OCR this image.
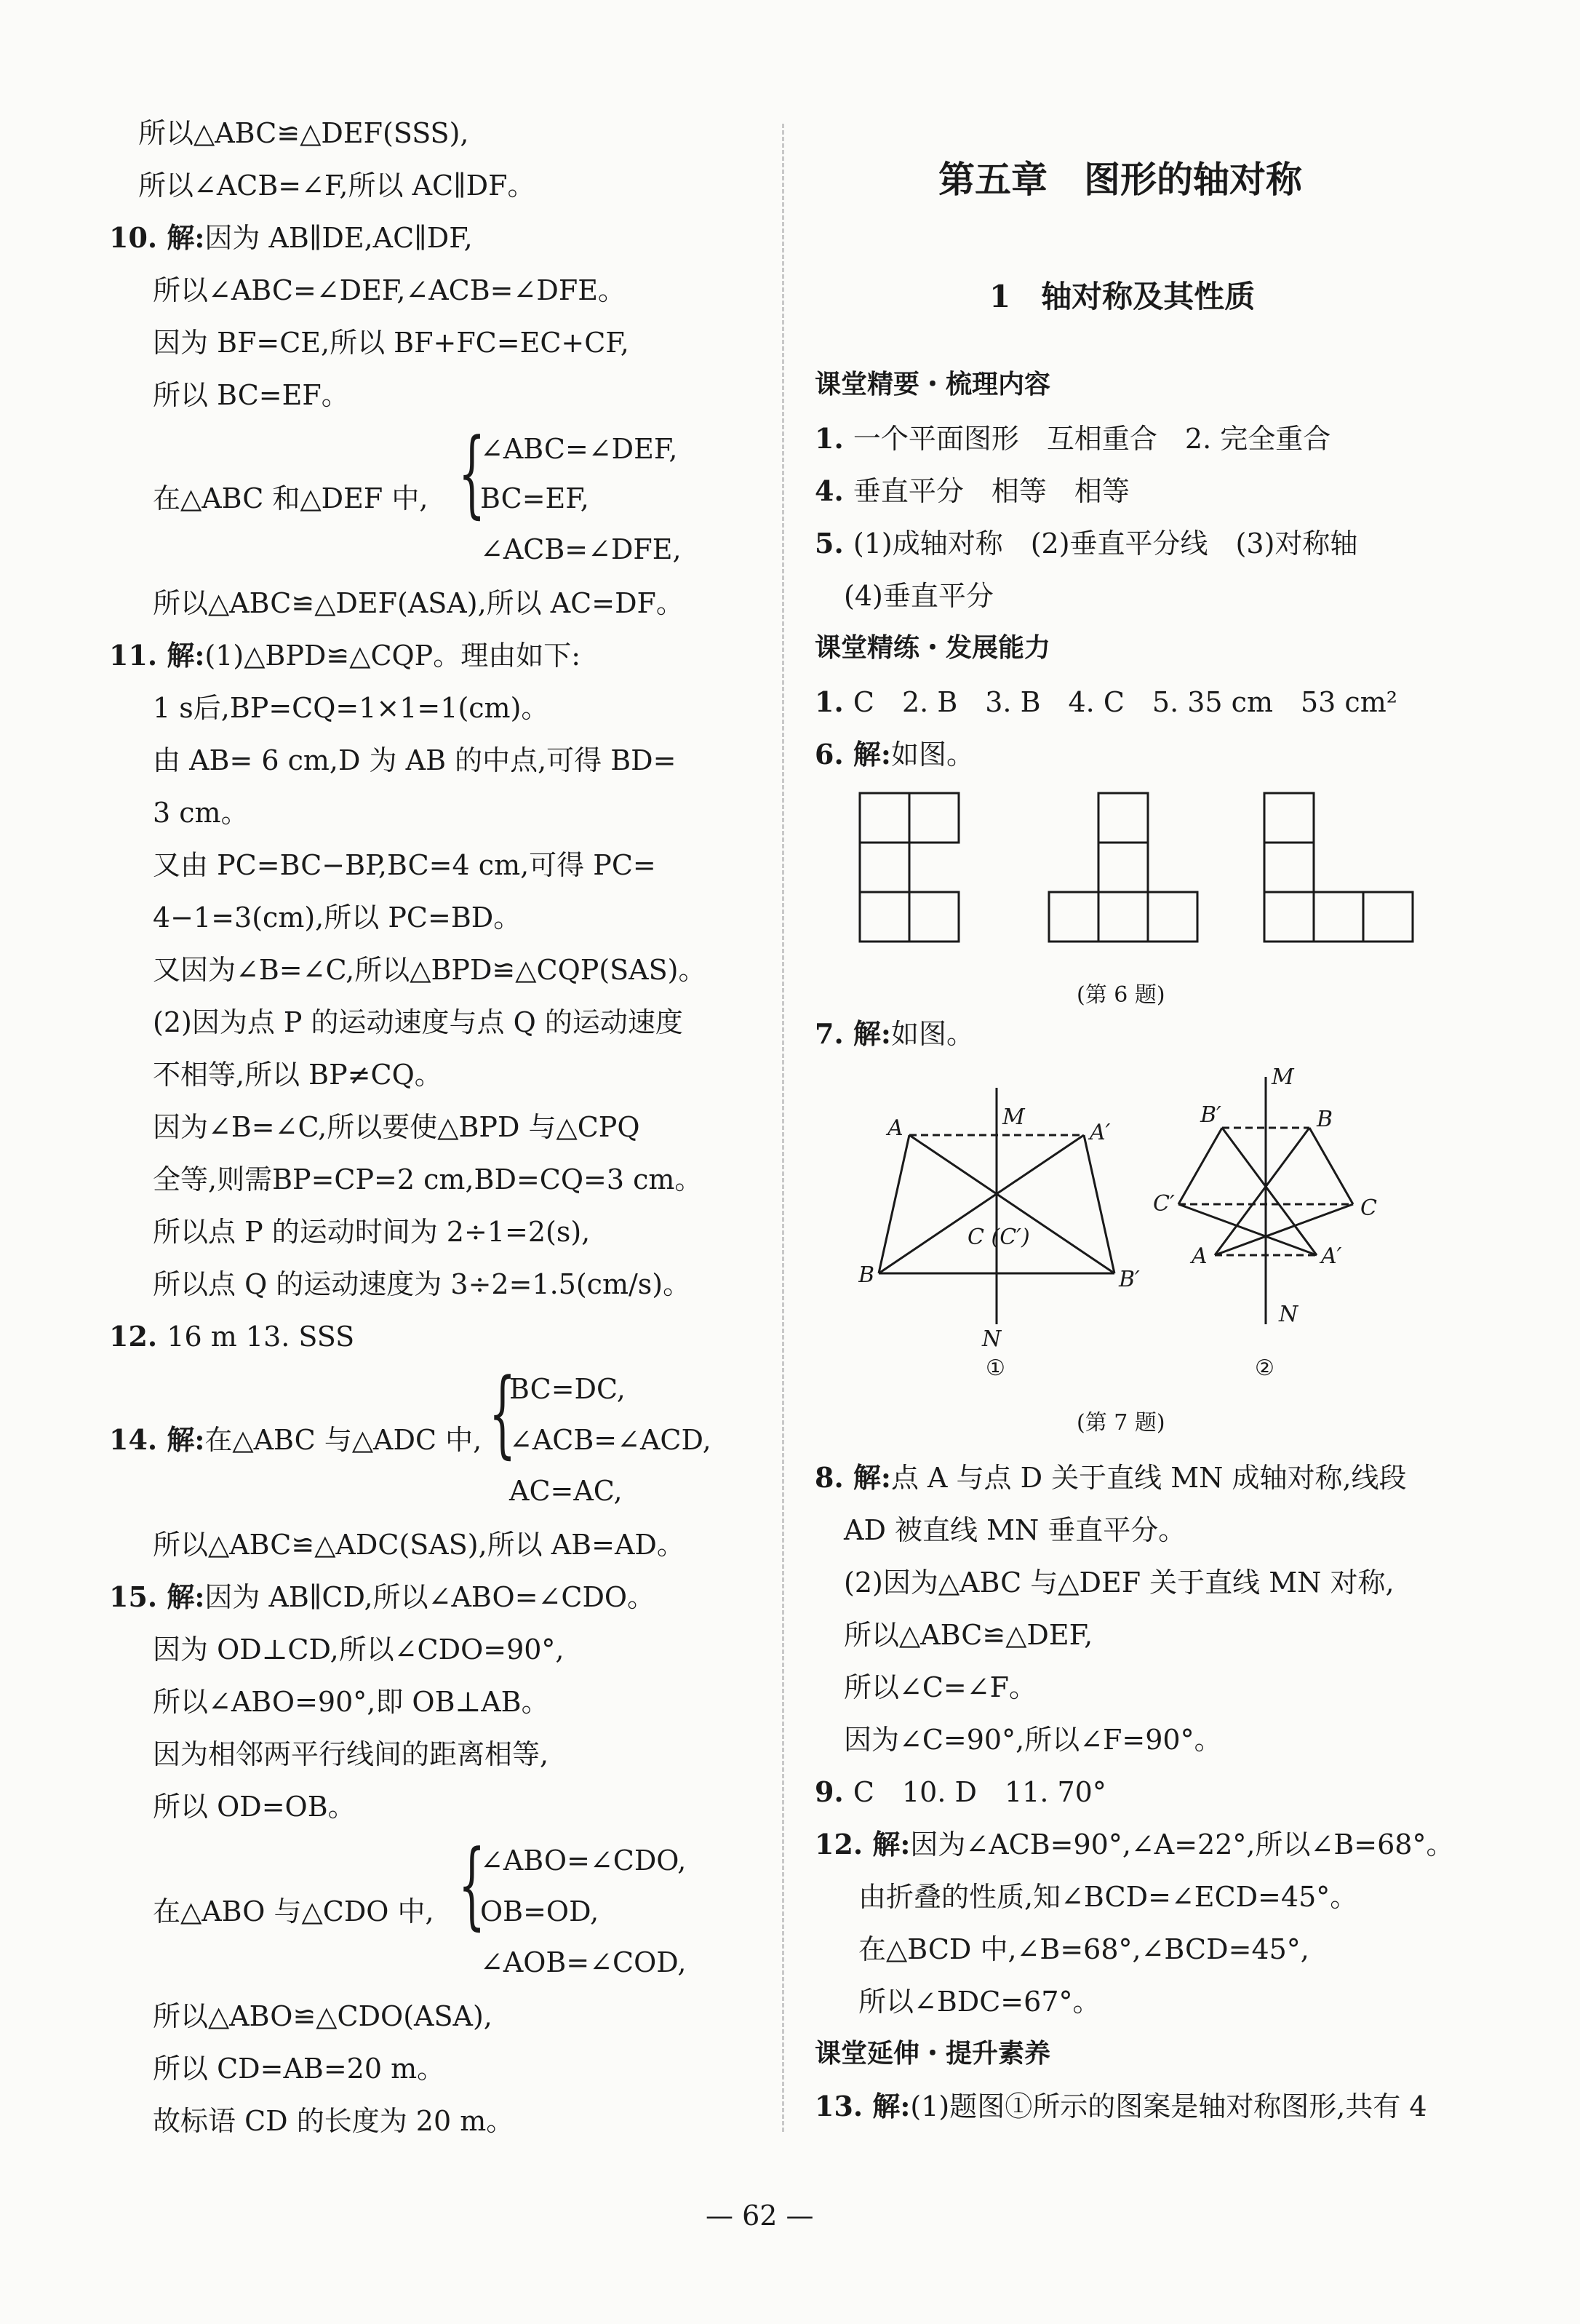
所以△ABC≌△DEF(SSS),
所以∠ACB=∠F,所以 AC∥DF。
10. 解:因为 AB∥DE,AC∥DF,
所以∠ABC=∠DEF,∠ACB=∠DFE。
因为 BF=CE,所以 BF+FC=EC+CF,
所以 BC=EF。
∠ABC=∠DEF,
在△ABC 和△DEF 中, BC=EF,
∠ACB=∠DFE,
所以△ABC≌△DEF(ASA),所以 AC=DF。
11. 解:(1)△BPD≌△CQP。理由如下:
1 s后,BP=CQ=1×1=1(cm)。
由 AB= 6 cm,D 为 AB 的中点,可得 BD=
3 cm。
又由 PC=BC−BP,BC=4 cm,可得 PC=
4−1=3(cm),所以 PC=BD。
又因为∠B=∠C,所以△BPD≌△CQP(SAS)。
(2)因为点 P 的运动速度与点 Q 的运动速度
不相等,所以 BP≠CQ。
因为∠B=∠C,所以要使△BPD 与△CPQ
全等,则需BP=CP=2 cm,BD=CQ=3 cm。
所以点 P 的运动时间为 2÷1=2(s),
所以点 Q 的运动速度为 3÷2=1.5(cm/s)。
12. 16 m 13. SSS
BC=DC,
14. 解:在△ABC 与△ADC 中, ∠ACB=∠ACD,
AC=AC,
所以△ABC≌△ADC(SAS),所以 AB=AD。
15. 解:因为 AB∥CD,所以∠ABO=∠CDO。
因为 OD⊥CD,所以∠CDO=90°,
所以∠ABO=90°,即 OB⊥AB。
因为相邻两平行线间的距离相等,
所以 OD=OB。
∠ABO=∠CDO,
在△ABO 与△CDO 中, OB=OD,
∠AOB=∠COD,
所以△ABO≌△CDO(ASA),
所以 CD=AB=20 m。
故标语 CD 的长度为 20 m。
第五章　图形的轴对称
1　轴对称及其性质
课堂精要・梳理内容
1. 一个平面图形　互相重合　2. 完全重合
4. 垂直平分　相等　相等
5. (1)成轴对称　(2)垂直平分线　(3)对称轴
(4)垂直平分
课堂精练・发展能力
1. C　2. B　3. B　4. C　5. 35 cm　53 cm²
6. 解:如图。
7. 解:如图。
8. 解:点 A 与点 D 关于直线 MN 成轴对称,线段
AD 被直线 MN 垂直平分。
(2)因为△ABC 与△DEF 关于直线 MN 对称,
所以△ABC≌△DEF,
所以∠C=∠F。
因为∠C=90°,所以∠F=90°。
9. C　10. D　11. 70°
12. 解:因为∠ACB=90°,∠A=22°,所以∠B=68°。
由折叠的性质,知∠BCD=∠ECD=45°。
在△BCD 中,∠B=68°,∠BCD=45°,
所以∠BDC=67°。
课堂延伸・提升素养
13. 解:(1)题图①所示的图案是轴对称图形,共有 4
{
{
{
(第 6 题)
M
A	A′
C (C′)
B	B′
N
①
M
B′	B
C′	C
A	A′
N
②
(第 7 题)
— 62 —
